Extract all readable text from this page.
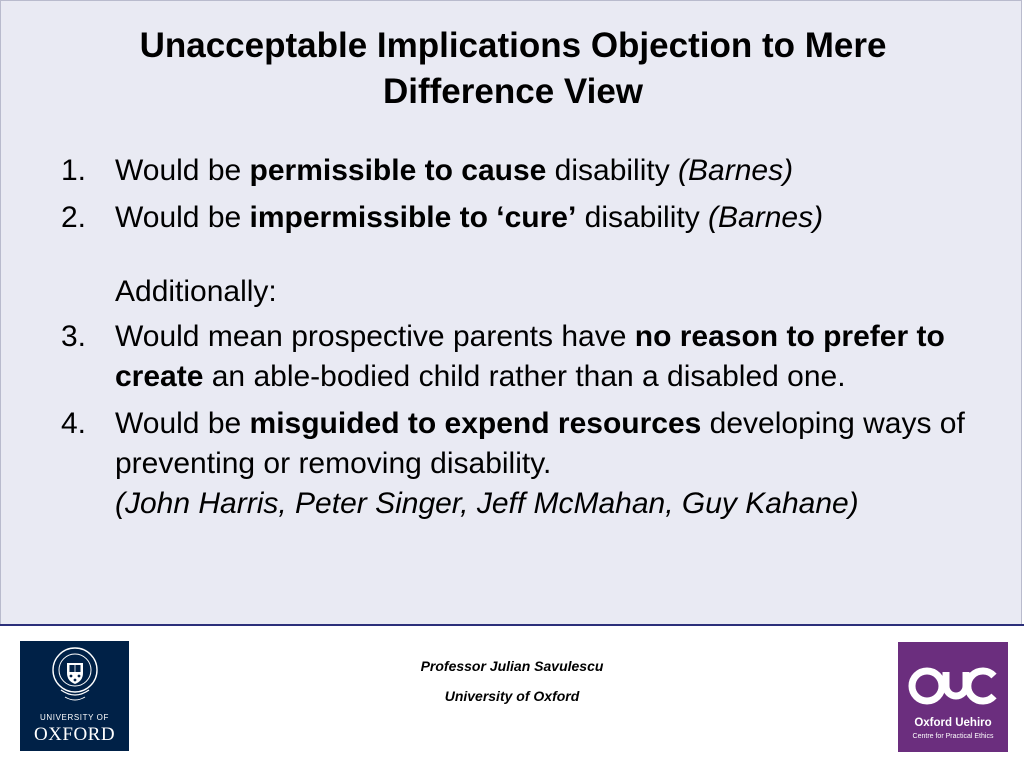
Unacceptable Implications Objection to Mere
Difference View
1. Would be permissible to cause disability (Barnes)
2. Would be impermissible to ‘cure’ disability (Barnes)
Additionally:
3. Would mean prospective parents have no reason to prefer to create an able-bodied child rather than a disabled one.
4. Would be misguided to expend resources developing ways of preventing or removing disability.
(John Harris, Peter Singer, Jeff McMahan, Guy Kahane)
UNIVERSITY OF
OXFORD
Professor Julian Savulescu
University of Oxford
Oxford Uehiro
Centre for Practical Ethics
